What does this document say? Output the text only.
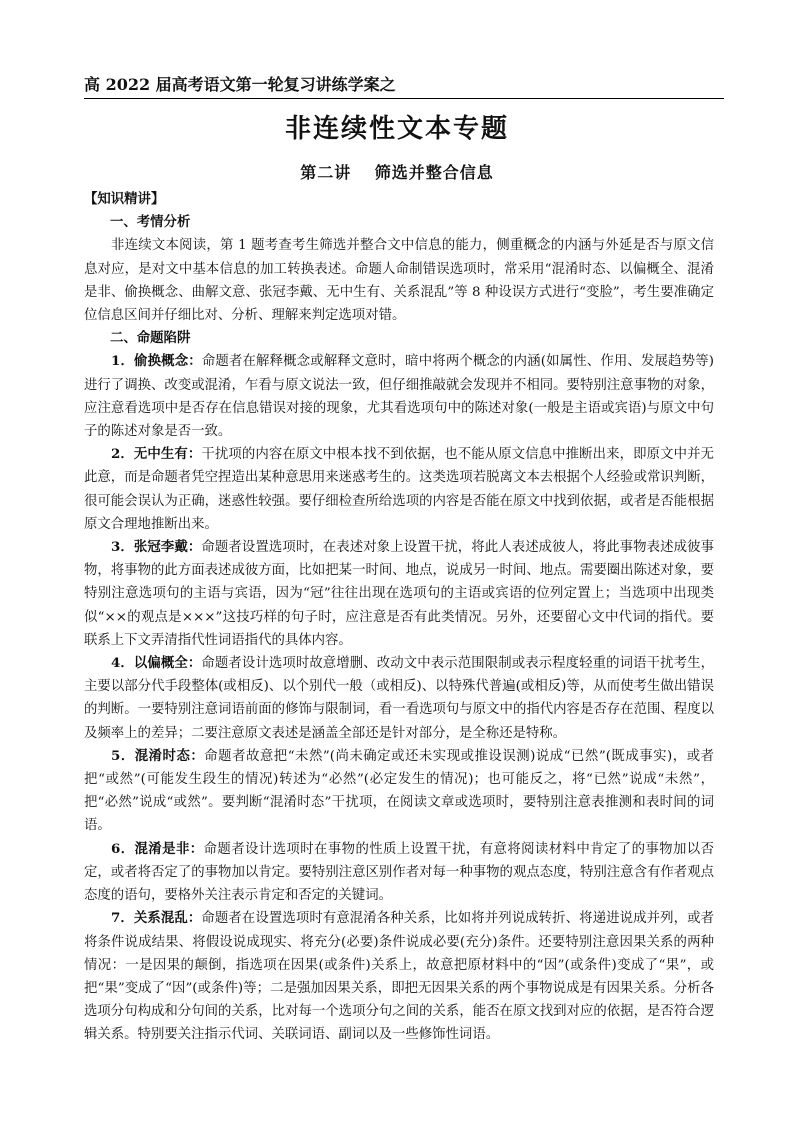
高 2022 届高考语文第一轮复习讲练学案之
非连续性文本专题
第二讲　 筛选并整合信息

【知识精讲】

一、考情分析

非连续文本阅读，第 1 题考查考生筛选并整合文中信息的能力，侧重概念的内涵与外延是否与原文信息对应，是对文中基本信息的加工转换表述。命题人命制错误选项时，常采用“混淆时态、以偏概全、混淆是非、偷换概念、曲解文意、张冠李戴、无中生有、关系混乱”等 8 种设误方式进行“变脸”，考生要准确定位信息区间并仔细比对、分析、理解来判定选项对错。

二、命题陷阱

1．偷换概念：命题者在解释概念或解释文意时，暗中将两个概念的内涵(如属性、作用、发展趋势等)进行了调换、改变或混淆，乍看与原文说法一致，但仔细推敲就会发现并不相同。要特别注意事物的对象，应注意看选项中是否存在信息错误对接的现象，尤其看选项句中的陈述对象(一般是主语或宾语)与原文中句子的陈述对象是否一致。

2．无中生有：干扰项的内容在原文中根本找不到依据，也不能从原文信息中推断出来，即原文中并无此意，而是命题者凭空捏造出某种意思用来迷惑考生的。这类选项若脱离文本去根据个人经验或常识判断，很可能会误认为正确，迷惑性较强。要仔细检查所给选项的内容是否能在原文中找到依据，或者是否能根据原文合理地推断出来。

3．张冠李戴：命题者设置选项时，在表述对象上设置干扰，将此人表述成彼人，将此事物表述成彼事物，将事物的此方面表述成彼方面，比如把某一时间、地点，说成另一时间、地点。需要圈出陈述对象，要特别注意选项句的主语与宾语，因为“冠”往往出现在选项句的主语或宾语的位列定置上；当选项中出现类似“××的观点是×××”这技巧样的句子时，应注意是否有此类情况。另外，还要留心文中代词的指代。要联系上下文弄清指代性词语指代的具体内容。

4．以偏概全：命题者设计选项时故意增删、改动文中表示范围限制或表示程度轻重的词语干扰考生，主要以部分代手段整体(或相反)、以个别代一般（或相反)、以特殊代普遍(或相反)等，从而使考生做出错误的判断。一要特别注意词语前面的修饰与限制词，看一看选项句与原文中的指代内容是否存在范围、程度以及频率上的差异；二要注意原文表述是涵盖全部还是针对部分，是全称还是特称。

5．混淆时态：命题者故意把“未然”(尚未确定或还未实现或推设误测)说成“已然”(既成事实)，或者把“或然”(可能发生段生的情况)转述为“必然”(必定发生的情况)；也可能反之，将“已然”说成“未然”，把“必然”说成“或然”。要判断“混淆时态”干扰项，在阅读文章或选项时，要特别注意表推测和表时间的词语。

6．混淆是非：命题者设计选项时在事物的性质上设置干扰，有意将阅读材料中肯定了的事物加以否定，或者将否定了的事物加以肯定。要特别注意区别作者对每一种事物的观点态度，特别注意含有作者观点态度的语句，要格外关注表示肯定和否定的关键词。

7．关系混乱：命题者在设置选项时有意混淆各种关系，比如将并列说成转折、将递进说成并列，或者将条件说成结果、将假设说成现实、将充分(必要)条件说成必要(充分)条件。还要特别注意因果关系的两种情况：一是因果的颠倒，指选项在因果(或条件)关系上，故意把原材料中的“因”(或条件)变成了“果”，或把“果”变成了“因”(或条件)等；二是强加因果关系，即把无因果关系的两个事物说成是有因果关系。分析各选项分句构成和分句间的关系，比对每一个选项分句之间的关系，能否在原文找到对应的依据，是否符合逻辑关系。特别要关注指示代词、关联词语、副词以及一些修饰性词语。
